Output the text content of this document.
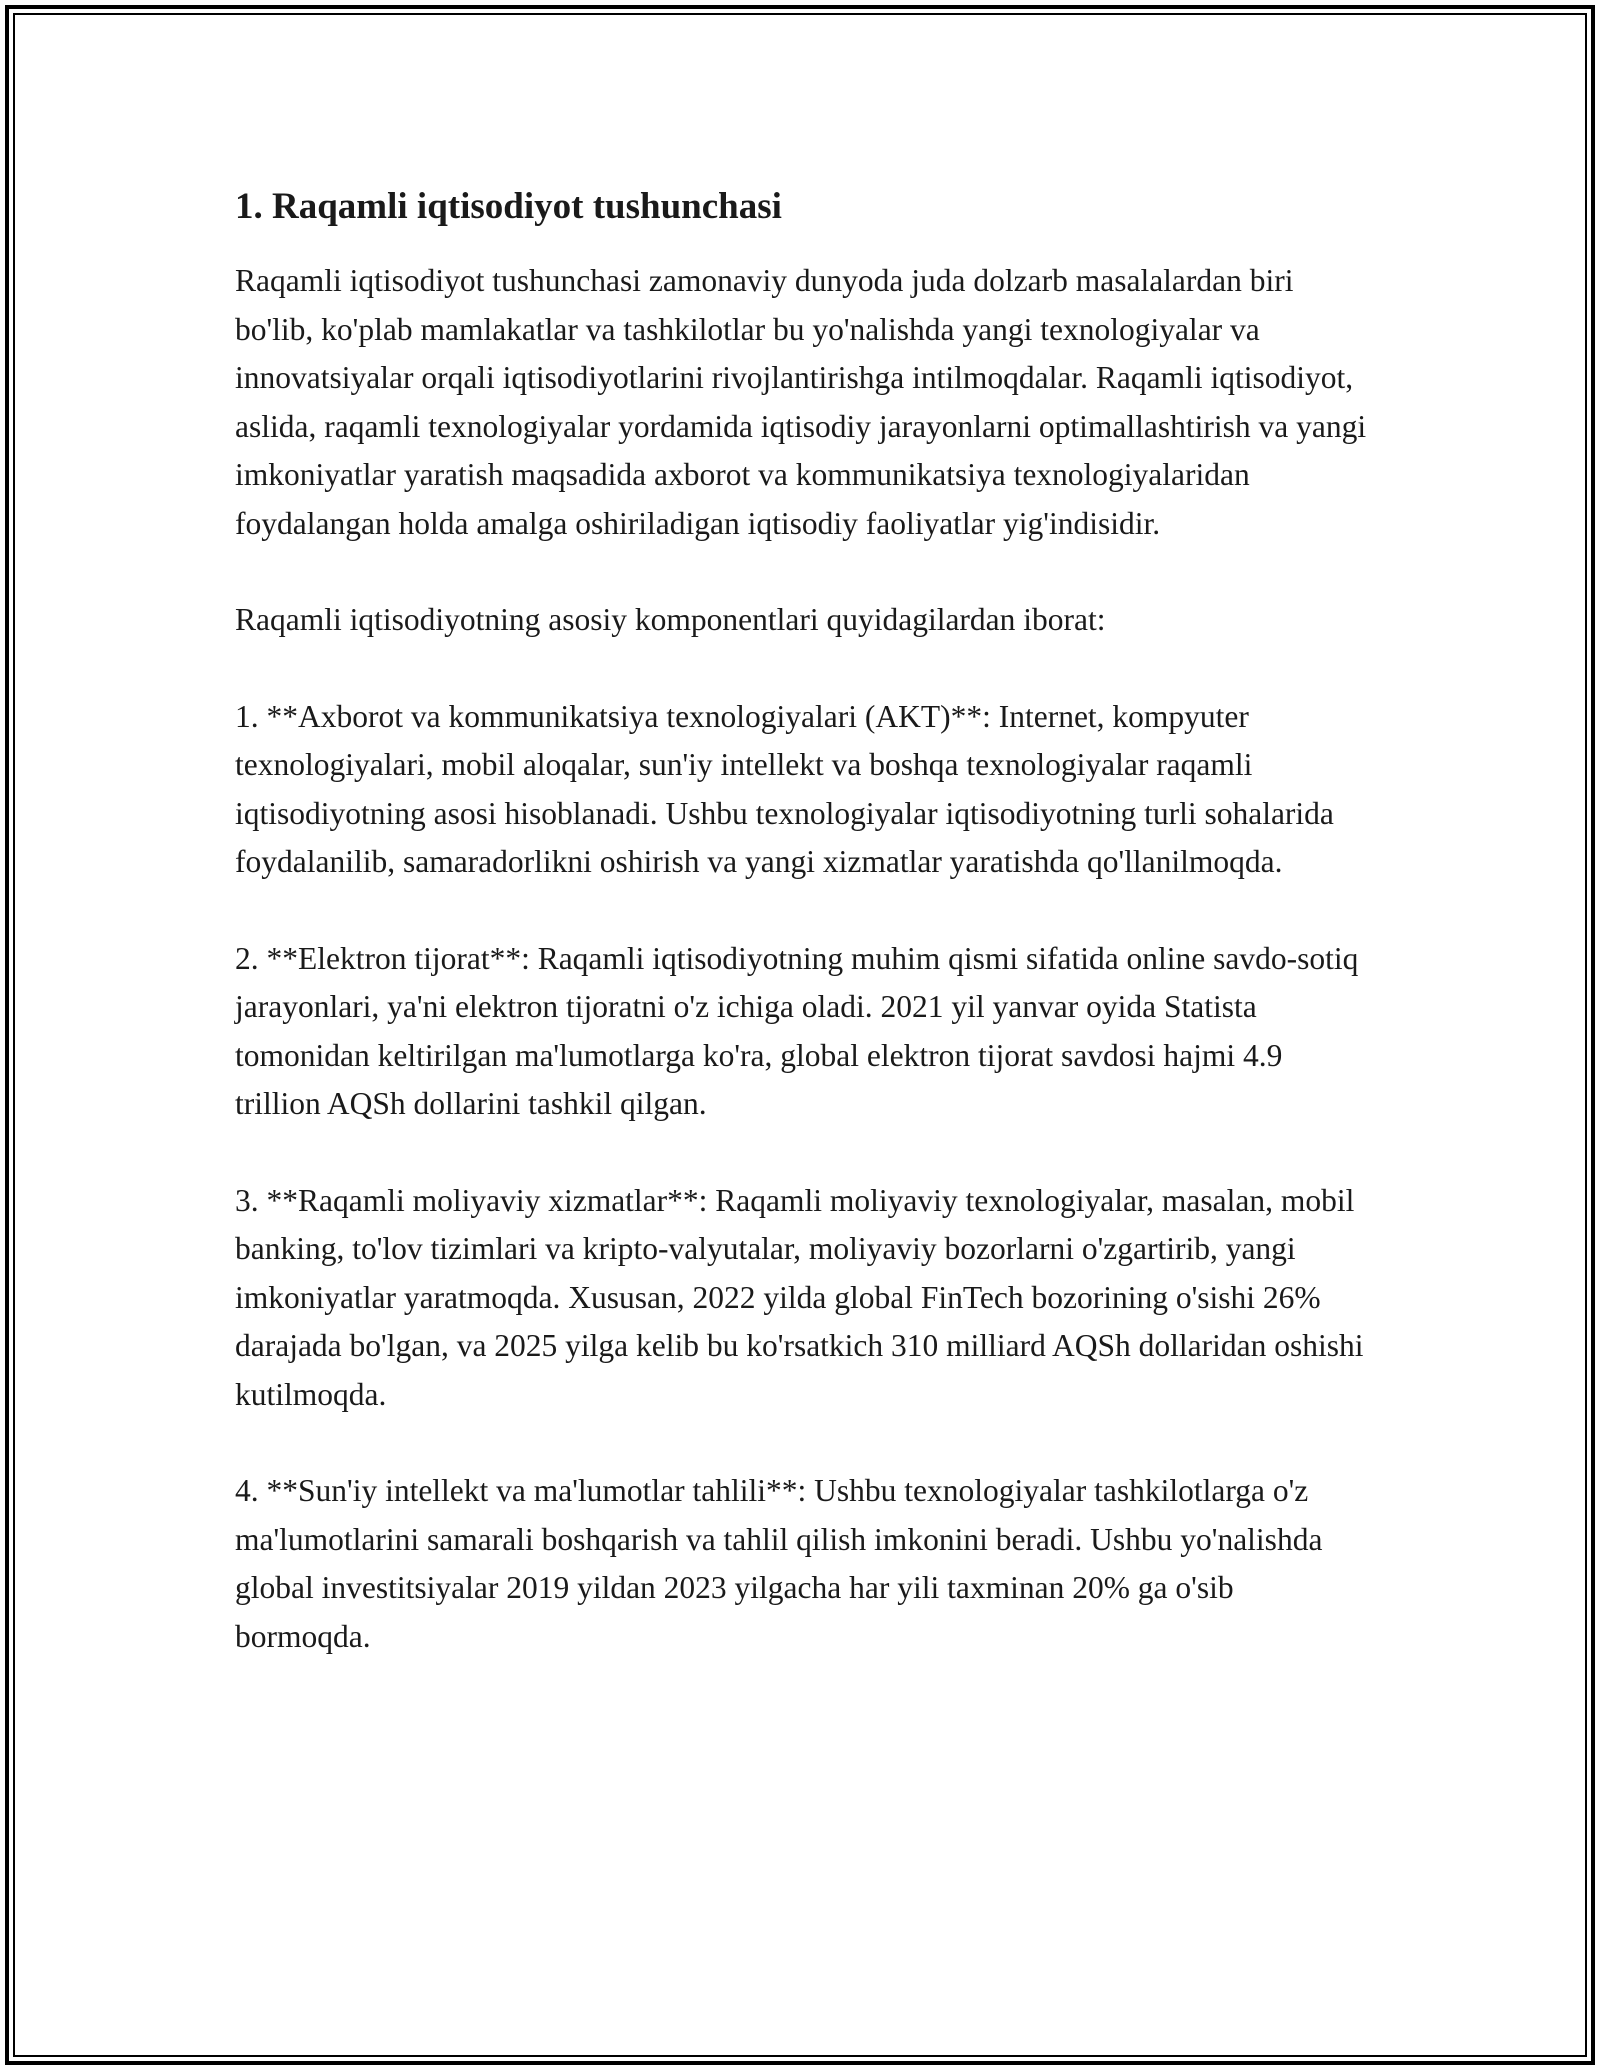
1. Raqamli iqtisodiyot tushunchasi

Raqamli iqtisodiyot tushunchasi zamonaviy dunyoda juda dolzarb masalalardan biri bo'lib, ko'plab mamlakatlar va tashkilotlar bu yo'nalishda yangi texnologiyalar va innovatsiyalar orqali iqtisodiyotlarini rivojlantirishga intilmoqdalar. Raqamli iqtisodiyot, aslida, raqamli texnologiyalar yordamida iqtisodiy jarayonlarni optimallashtirish va yangi imkoniyatlar yaratish maqsadida axborot va kommunikatsiya texnologiyalaridan foydalangan holda amalga oshiriladigan iqtisodiy faoliyatlar yig'indisidir.

Raqamli iqtisodiyotning asosiy komponentlari quyidagilardan iborat:

1. **Axborot va kommunikatsiya texnologiyalari (AKT)**: Internet, kompyuter texnologiyalari, mobil aloqalar, sun'iy intellekt va boshqa texnologiyalar raqamli iqtisodiyotning asosi hisoblanadi. Ushbu texnologiyalar iqtisodiyotning turli sohalarida foydalanilib, samaradorlikni oshirish va yangi xizmatlar yaratishda qo'llanilmoqda.

2. **Elektron tijorat**: Raqamli iqtisodiyotning muhim qismi sifatida online savdo-sotiq jarayonlari, ya'ni elektron tijoratni o'z ichiga oladi. 2021 yil yanvar oyida Statista tomonidan keltirilgan ma'lumotlarga ko'ra, global elektron tijorat savdosi hajmi 4.9 trillion AQSh dollarini tashkil qilgan.

3. **Raqamli moliyaviy xizmatlar**: Raqamli moliyaviy texnologiyalar, masalan, mobil banking, to'lov tizimlari va kripto-valyutalar, moliyaviy bozorlarni o'zgartirib, yangi imkoniyatlar yaratmoqda. Xususan, 2022 yilda global FinTech bozorining o'sishi 26% darajada bo'lgan, va 2025 yilga kelib bu ko'rsatkich 310 milliard AQSh dollaridan oshishi kutilmoqda.

4. **Sun'iy intellekt va ma'lumotlar tahlili**: Ushbu texnologiyalar tashkilotlarga o'z ma'lumotlarini samarali boshqarish va tahlil qilish imkonini beradi. Ushbu yo'nalishda global investitsiyalar 2019 yildan 2023 yilgacha har yili taxminan 20% ga o'sib bormoqda.
